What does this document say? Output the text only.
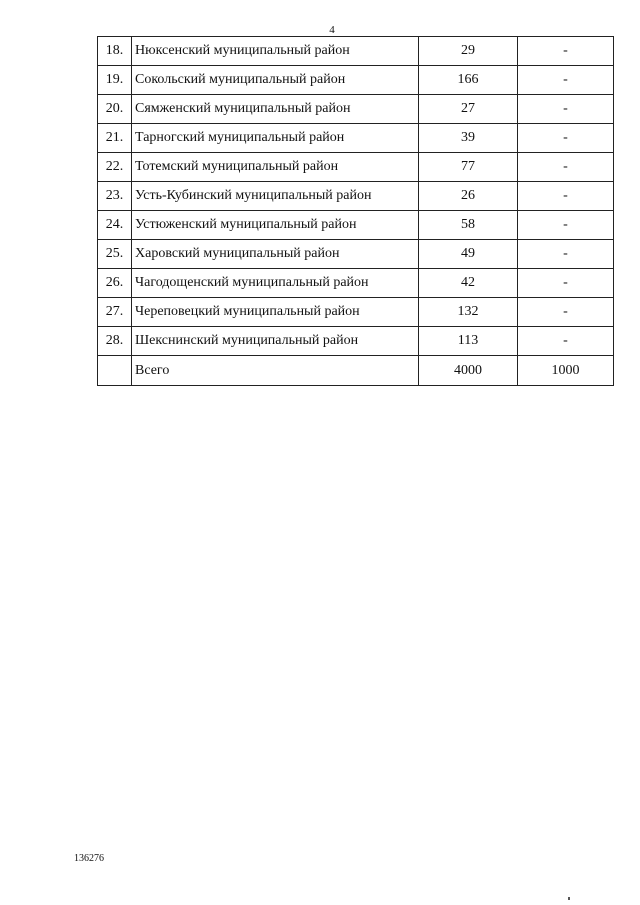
4
18.	Нюксенский муниципальный район	29	-
19.	Сокольский муниципальный район	166	-
20.	Сямженский муниципальный район	27	-
21.	Тарногский муниципальный район	39	-
22.	Тотемский муниципальный район	77	-
23.	Усть-Кубинский муниципальный район	26	-
24.	Устюженский муниципальный район	58	-
25.	Харовский муниципальный район	49	-
26.	Чагодощенский муниципальный район	42	-
27.	Череповецкий муниципальный район	132	-
28.	Шекснинский муниципальный район	113	-
	Всего	4000	1000
136276
